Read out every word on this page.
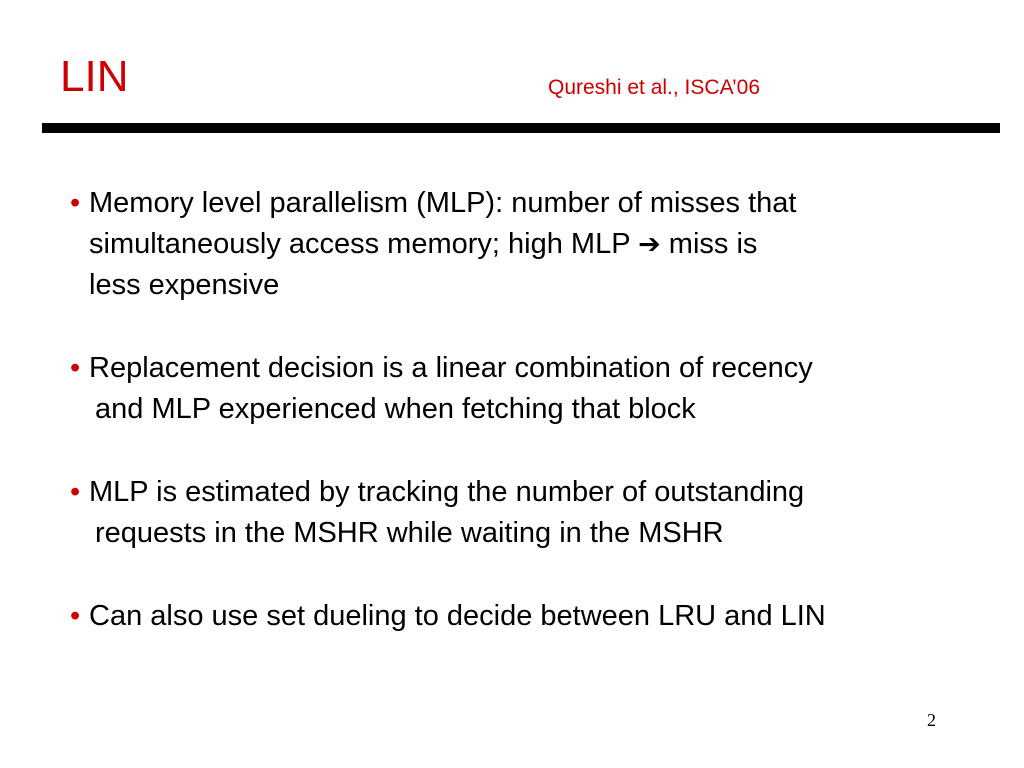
LIN	Qureshi et al., ISCA’06
• Memory level parallelism (MLP): number of misses that
simultaneously access memory; high MLP ➔ miss is
less expensive
• Replacement decision is a linear combination of recency
and MLP experienced when fetching that block
• MLP is estimated by tracking the number of outstanding
requests in the MSHR while waiting in the MSHR
• Can also use set dueling to decide between LRU and LIN
2
